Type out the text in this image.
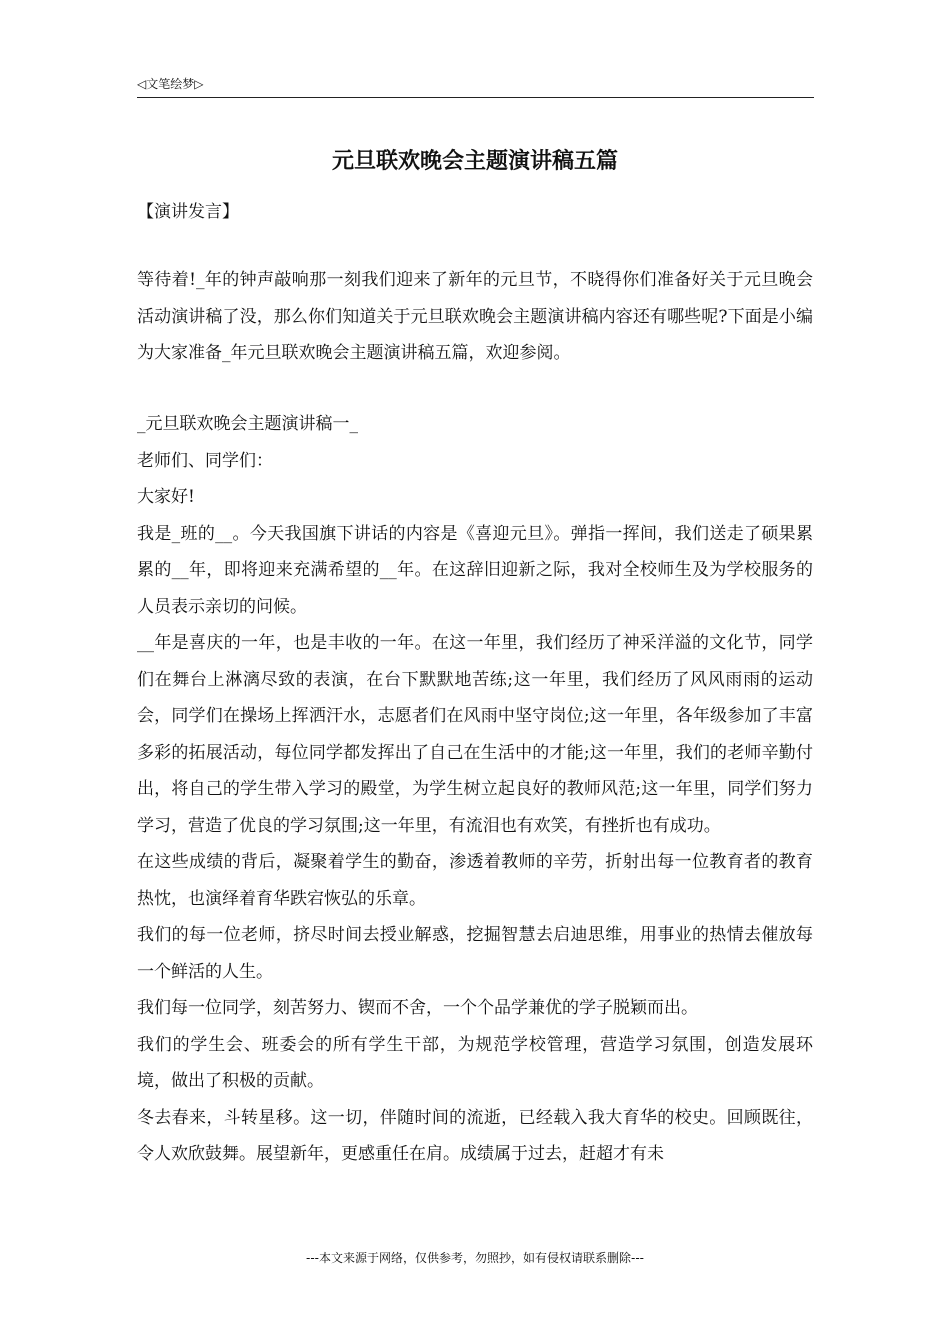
◁文笔绘梦▷
元旦联欢晚会主题演讲稿五篇
【演讲发言】

等待着!_年的钟声敲响那一刻我们迎来了新年的元旦节，不晓得你们准备好关于元旦晚会活动演讲稿了没，那么你们知道关于元旦联欢晚会主题演讲稿内容还有哪些呢?下面是小编为大家准备_年元旦联欢晚会主题演讲稿五篇，欢迎参阅。

_元旦联欢晚会主题演讲稿一_

老师们、同学们：

大家好!

我是_班的__。今天我国旗下讲话的内容是《喜迎元旦》。弹指一挥间，我们送走了硕果累累的__年，即将迎来充满希望的__年。在这辞旧迎新之际，我对全校师生及为学校服务的人员表示亲切的问候。

__年是喜庆的一年，也是丰收的一年。在这一年里，我们经历了神采洋溢的文化节，同学们在舞台上淋漓尽致的表演，在台下默默地苦练;这一年里，我们经历了风风雨雨的运动会，同学们在操场上挥洒汗水，志愿者们在风雨中坚守岗位;这一年里，各年级参加了丰富多彩的拓展活动，每位同学都发挥出了自己在生活中的才能;这一年里，我们的老师辛勤付出，将自己的学生带入学习的殿堂，为学生树立起良好的教师风范;这一年里，同学们努力学习，营造了优良的学习氛围;这一年里，有流泪也有欢笑，有挫折也有成功。

在这些成绩的背后，凝聚着学生的勤奋，渗透着教师的辛劳，折射出每一位教育者的教育热忱，也演绎着育华跌宕恢弘的乐章。

我们的每一位老师，挤尽时间去授业解惑，挖掘智慧去启迪思维，用事业的热情去催放每一个鲜活的人生。

我们每一位同学，刻苦努力、锲而不舍，一个个品学兼优的学子脱颖而出。

我们的学生会、班委会的所有学生干部，为规范学校管理，营造学习氛围，创造发展环境，做出了积极的贡献。

冬去春来，斗转星移。这一切，伴随时间的流逝，已经载入我大育华的校史。回顾既往，令人欢欣鼓舞。展望新年，更感重任在肩。成绩属于过去，赶超才有未

---本文来源于网络，仅供参考，勿照抄，如有侵权请联系删除---
